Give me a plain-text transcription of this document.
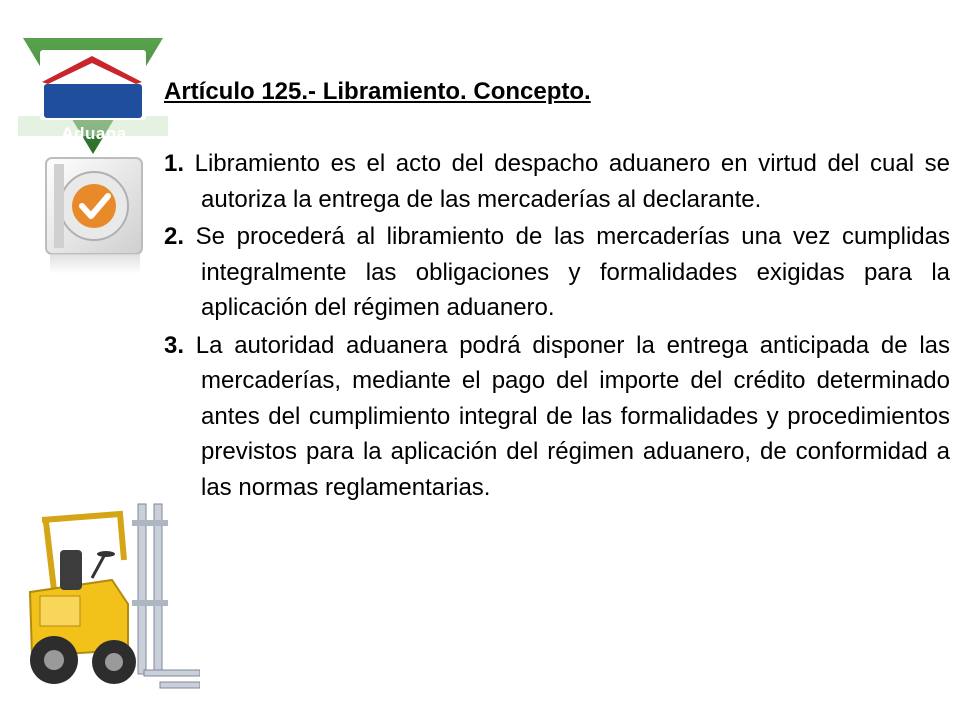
Aduana
Paraguay
Artículo 125.- Libramiento. Concepto.
1. Libramiento es el acto del despacho aduanero en virtud del cual se autoriza la entrega de las mercaderías al declarante.
2. Se procederá al libramiento de las mercaderías una vez cumplidas integralmente las obligaciones y formalidades exigidas para la aplicación del régimen aduanero.
3. La autoridad aduanera podrá disponer la entrega anticipada de las mercaderías, mediante el pago del importe del crédito determinado antes del cumplimiento integral de las formalidades y procedimientos previstos para la aplicación del régimen aduanero, de conformidad a las normas reglamentarias.
